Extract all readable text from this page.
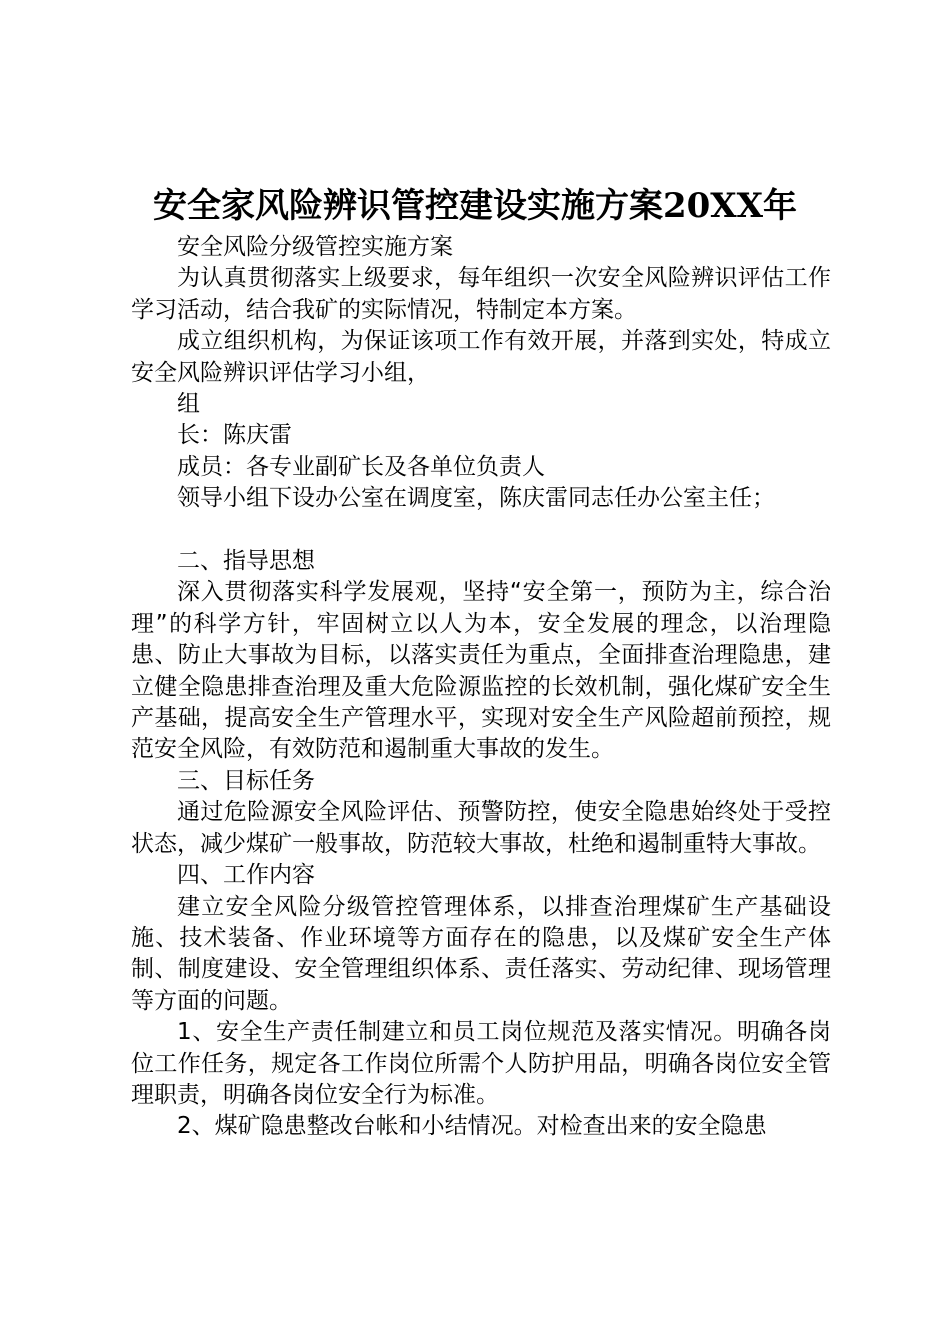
安全家风险辨识管控建设实施方案20XX年

安全风险分级管控实施方案

为认真贯彻落实上级要求，每年组织一次安全风险辨识评估工作学习活动，结合我矿的实际情况，特制定本方案。

成立组织机构，为保证该项工作有效开展，并落到实处，特成立安全风险辨识评估学习小组，

组

长：陈庆雷

成员：各专业副矿长及各单位负责人

领导小组下设办公室在调度室，陈庆雷同志任办公室主任；

二、指导思想

深入贯彻落实科学发展观，坚持“安全第一，预防为主，综合治理”的科学方针，牢固树立以人为本，安全发展的理念，以治理隐患、防止大事故为目标，以落实责任为重点，全面排查治理隐患，建立健全隐患排查治理及重大危险源监控的长效机制，强化煤矿安全生产基础，提高安全生产管理水平，实现对安全生产风险超前预控，规范安全风险，有效防范和遏制重大事故的发生。

三、目标任务

通过危险源安全风险评估、预警防控，使安全隐患始终处于受控状态，减少煤矿一般事故，防范较大事故，杜绝和遏制重特大事故。

四、工作内容

建立安全风险分级管控管理体系，以排查治理煤矿生产基础设施、技术装备、作业环境等方面存在的隐患，以及煤矿安全生产体制、制度建设、安全管理组织体系、责任落实、劳动纪律、现场管理等方面的问题。

1、安全生产责任制建立和员工岗位规范及落实情况。明确各岗位工作任务，规定各工作岗位所需个人防护用品，明确各岗位安全管理职责，明确各岗位安全行为标准。

2、煤矿隐患整改台帐和小结情况。对检查出来的安全隐患
